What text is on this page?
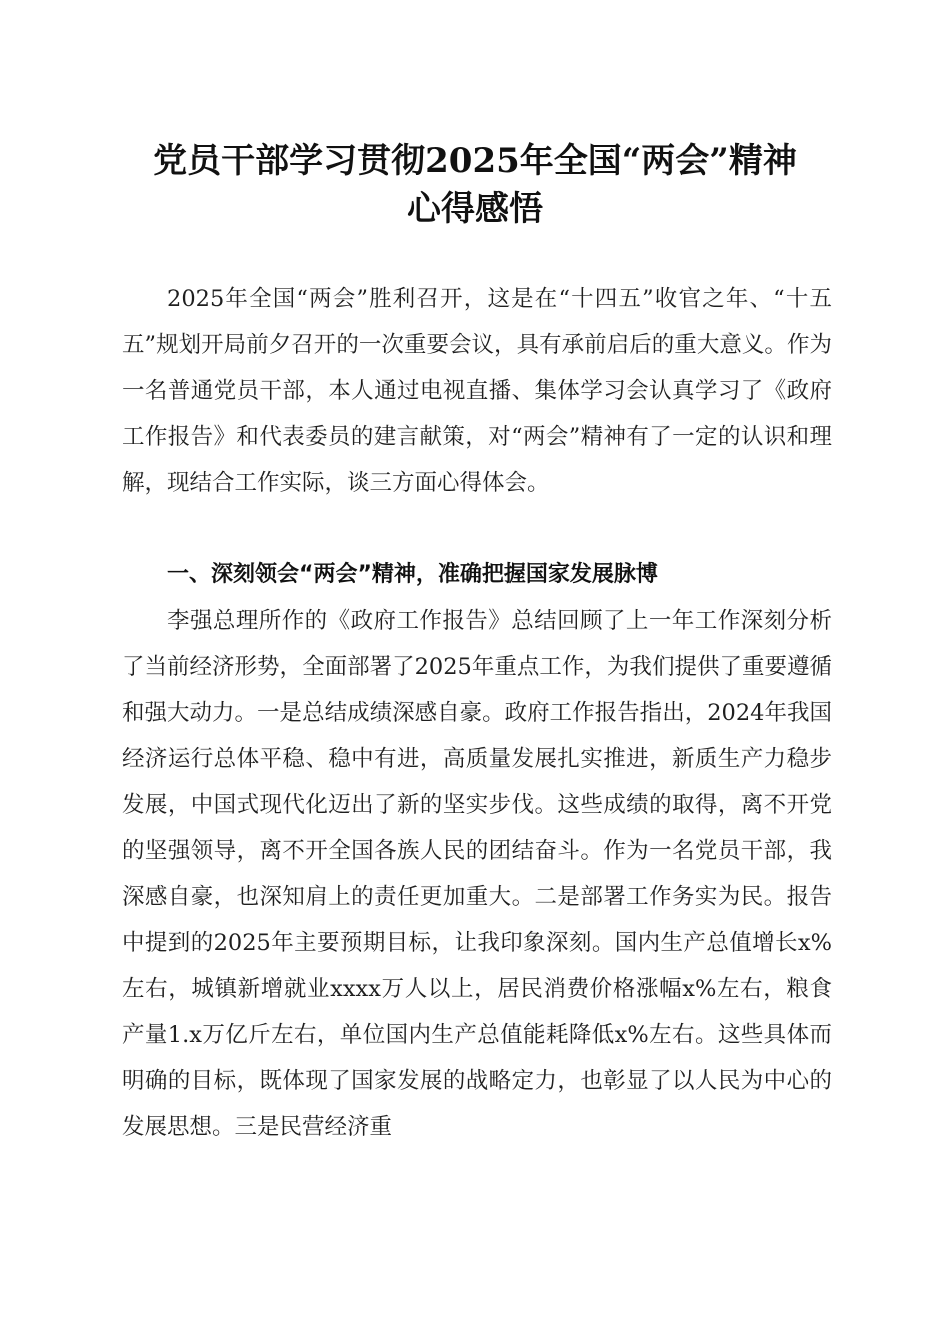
党员干部学习贯彻2025年全国“两会”精神
心得感悟

2025年全国“两会”胜利召开，这是在“十四五”收官之年、“十五五”规划开局前夕召开的一次重要会议，具有承前启后的重大意义。作为一名普通党员干部，本人通过电视直播、集体学习会认真学习了《政府工作报告》和代表委员的建言献策，对“两会”精神有了一定的认识和理解，现结合工作实际，谈三方面心得体会。

一、深刻领会“两会”精神，准确把握国家发展脉博

李强总理所作的《政府工作报告》总结回顾了上一年工作深刻分析了当前经济形势，全面部署了2025年重点工作，为我们提供了重要遵循和强大动力。一是总结成绩深感自豪。政府工作报告指出，2024年我国经济运行总体平稳、稳中有进，高质量发展扎实推进，新质生产力稳步发展，中国式现代化迈出了新的坚实步伐。这些成绩的取得，离不开党的坚强领导，离不开全国各族人民的团结奋斗。作为一名党员干部，我深感自豪，也深知肩上的责任更加重大。二是部署工作务实为民。报告中提到的2025年主要预期目标，让我印象深刻。国内生产总值增长x%左右，城镇新增就业xxxx万人以上，居民消费价格涨幅x%左右，粮食产量1.x万亿斤左右，单位国内生产总值能耗降低x%左右。这些具体而明确的目标，既体现了国家发展的战略定力，也彰显了以人民为中心的发展思想。三是民营经济重
